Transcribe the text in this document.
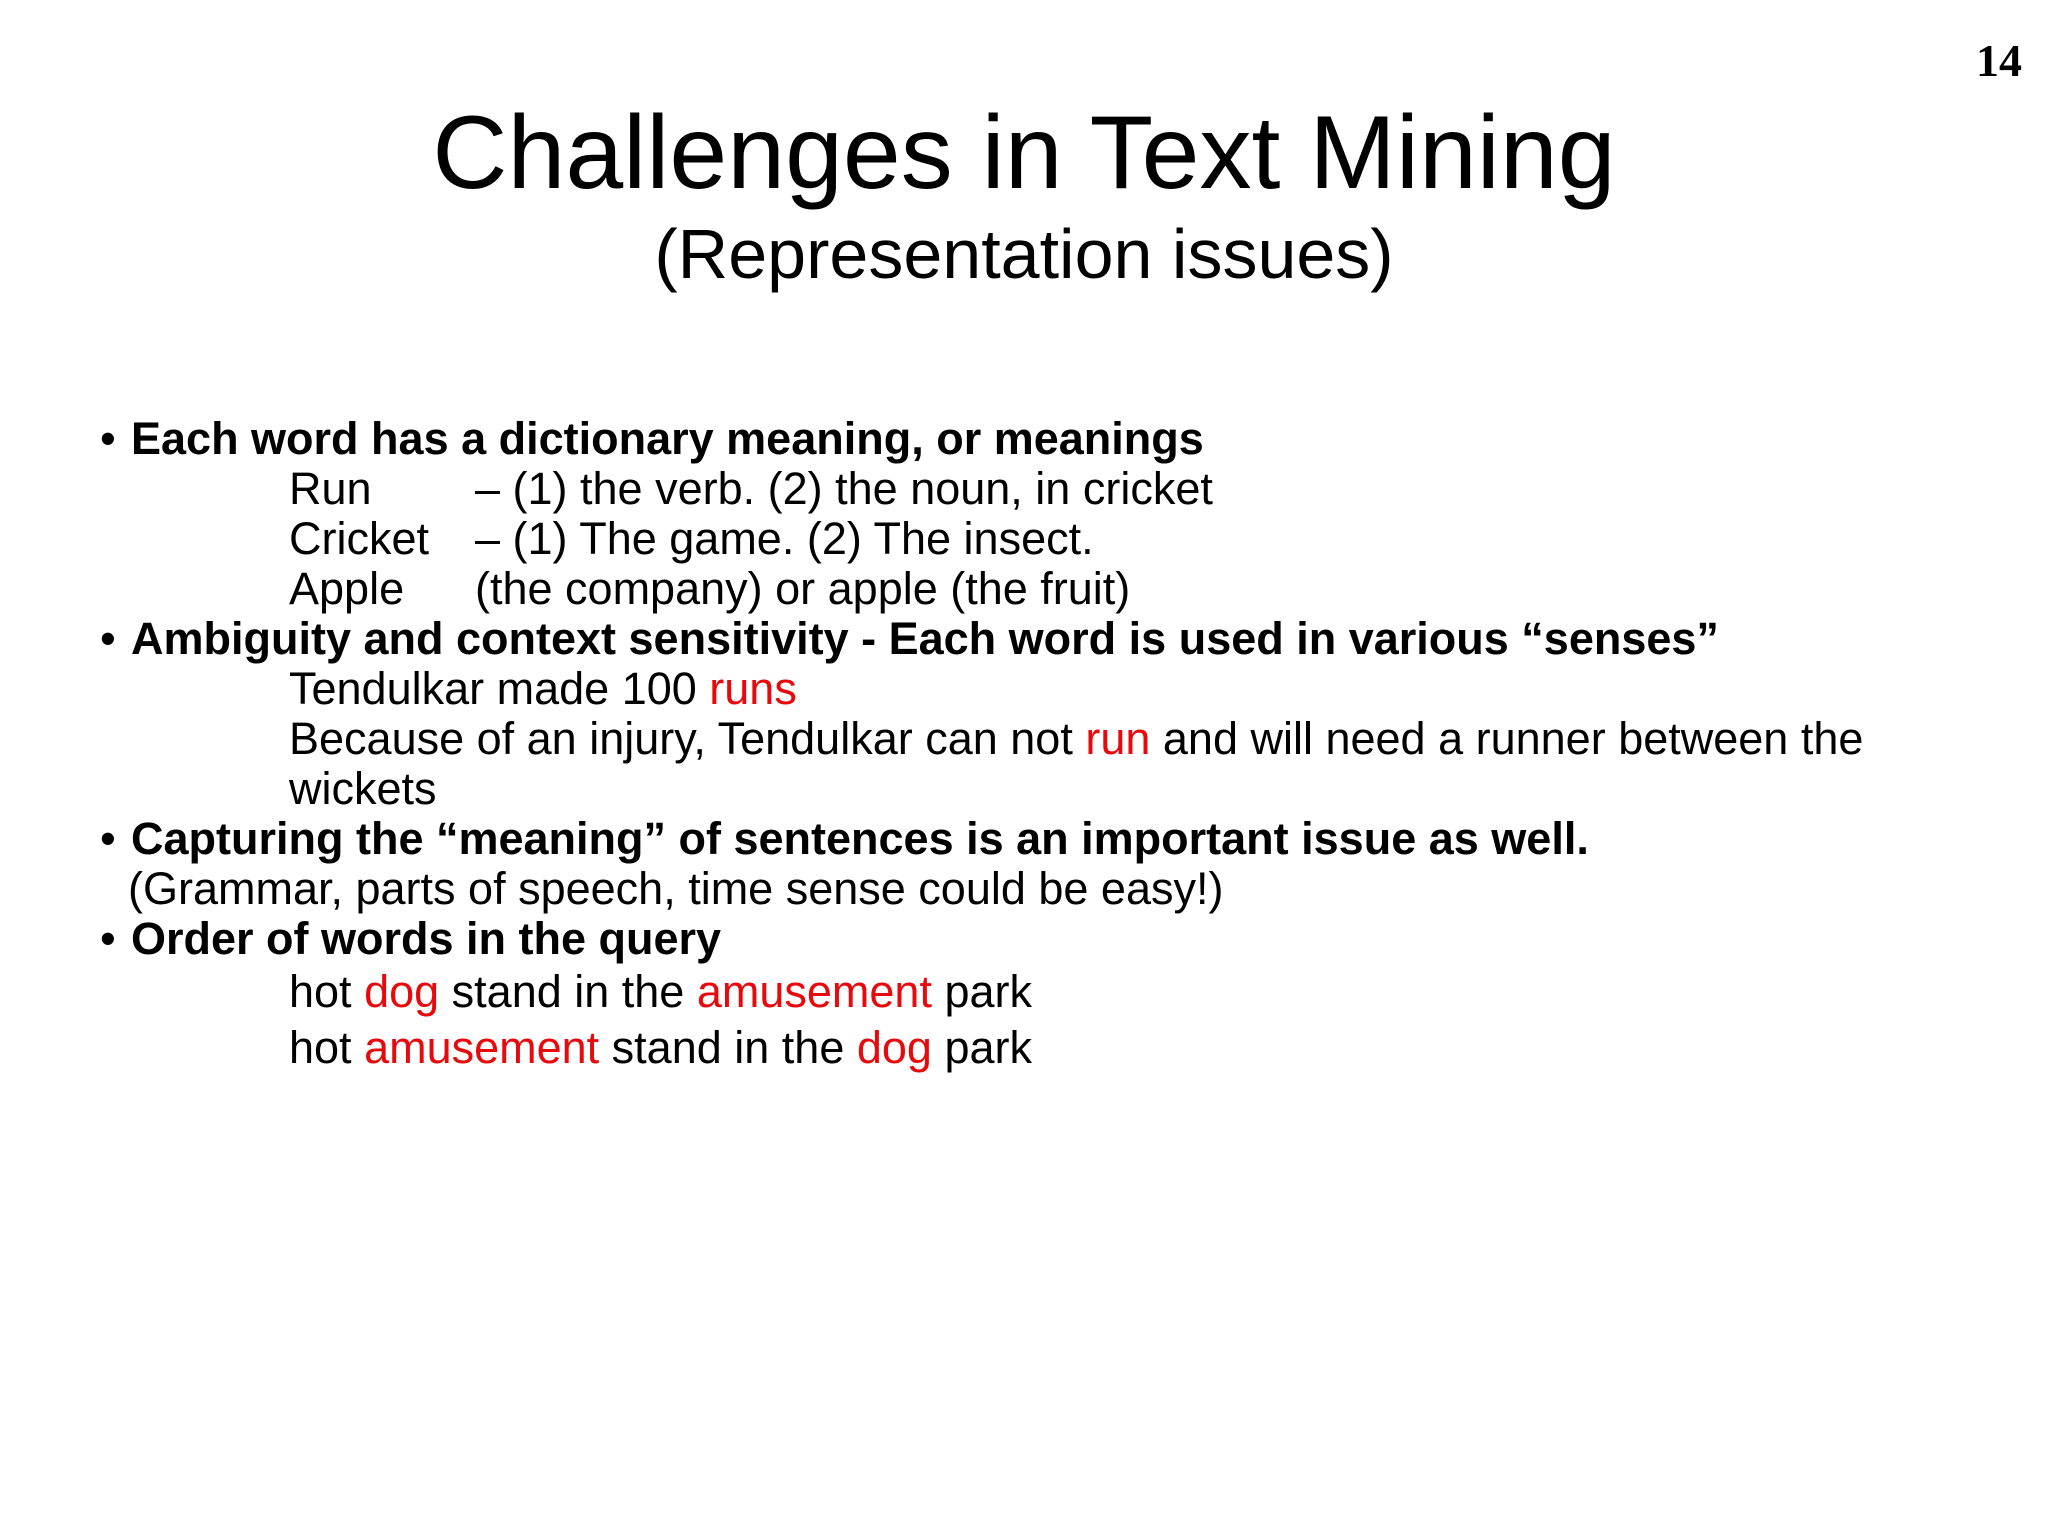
14
Challenges in Text Mining
(Representation issues)
• Each word has a dictionary meaning, or meanings
Run – (1) the verb. (2) the noun, in cricket
Cricket – (1) The game. (2) The insect.
Apple (the company) or apple (the fruit)
• Ambiguity and context sensitivity - Each word is used in various “senses”
Tendulkar made 100 runs
Because of an injury, Tendulkar can not run and will need a runner between the
wickets
• Capturing the “meaning” of sentences is an important issue as well.
(Grammar, parts of speech, time sense could be easy!)
• Order of words in the query
hot dog stand in the amusement park
hot amusement stand in the dog park
